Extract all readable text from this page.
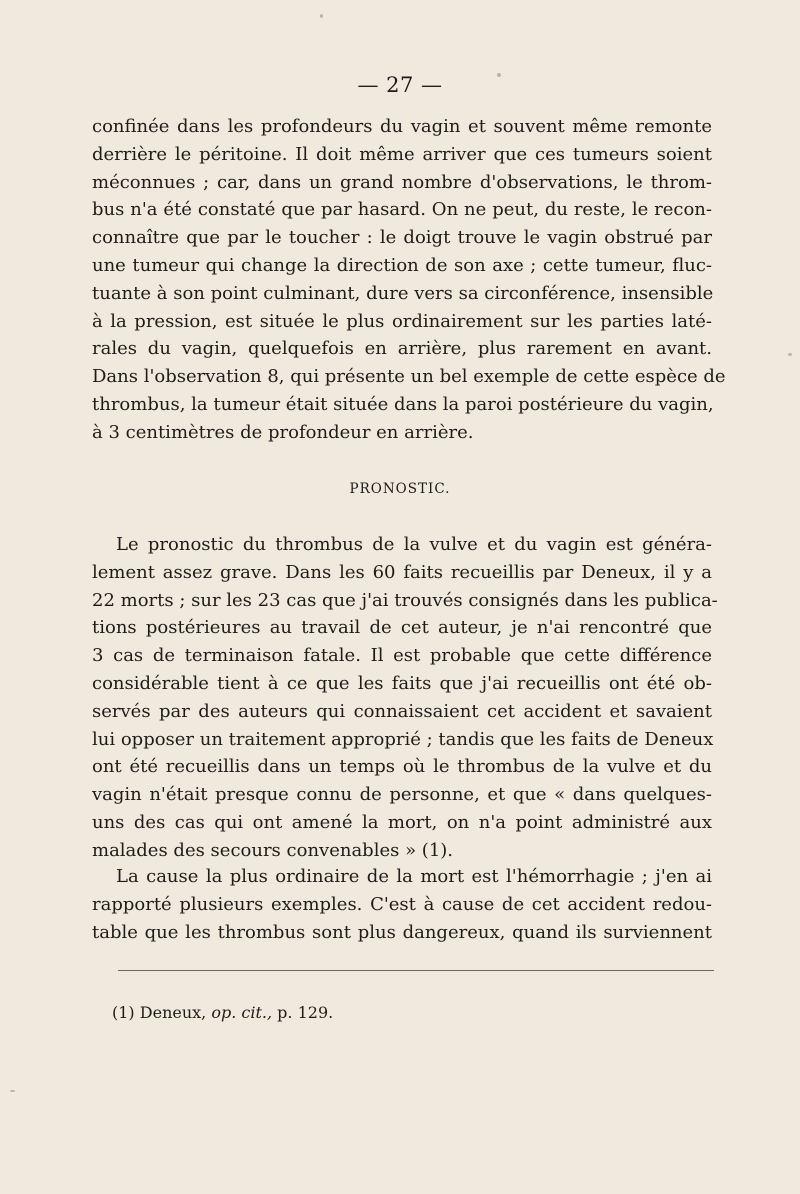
— 27 —
confinée dans les profondeurs du vagin et souvent même remonte
derrière le péritoine. Il doit même arriver que ces tumeurs soient
méconnues ; car, dans un grand nombre d'observations, le throm-
bus n'a été constaté que par hasard. On ne peut, du reste, le recon-
connaître que par le toucher : le doigt trouve le vagin obstrué par
une tumeur qui change la direction de son axe ; cette tumeur, fluc-
tuante à son point culminant, dure vers sa circonférence, insensible
à la pression, est située le plus ordinairement sur les parties laté-
rales du vagin, quelquefois en arrière, plus rarement en avant.
Dans l'observation 8, qui présente un bel exemple de cette espèce de
thrombus, la tumeur était située dans la paroi postérieure du vagin,
à 3 centimètres de profondeur en arrière.
PRONOSTIC.
Le pronostic du thrombus de la vulve et du vagin est généra-
lement assez grave. Dans les 60 faits recueillis par Deneux, il y a
22 morts ; sur les 23 cas que j'ai trouvés consignés dans les publica-
tions postérieures au travail de cet auteur, je n'ai rencontré que
3 cas de terminaison fatale. Il est probable que cette différence
considérable tient à ce que les faits que j'ai recueillis ont été ob-
servés par des auteurs qui connaissaient cet accident et savaient
lui opposer un traitement approprié ; tandis que les faits de Deneux
ont été recueillis dans un temps où le thrombus de la vulve et du
vagin n'était presque connu de personne, et que « dans quelques-
uns des cas qui ont amené la mort, on n'a point administré aux
malades des secours convenables » (1).
La cause la plus ordinaire de la mort est l'hémorrhagie ; j'en ai
rapporté plusieurs exemples. C'est à cause de cet accident redou-
table que les thrombus sont plus dangereux, quand ils surviennent
(1) Deneux, op. cit., p. 129.
